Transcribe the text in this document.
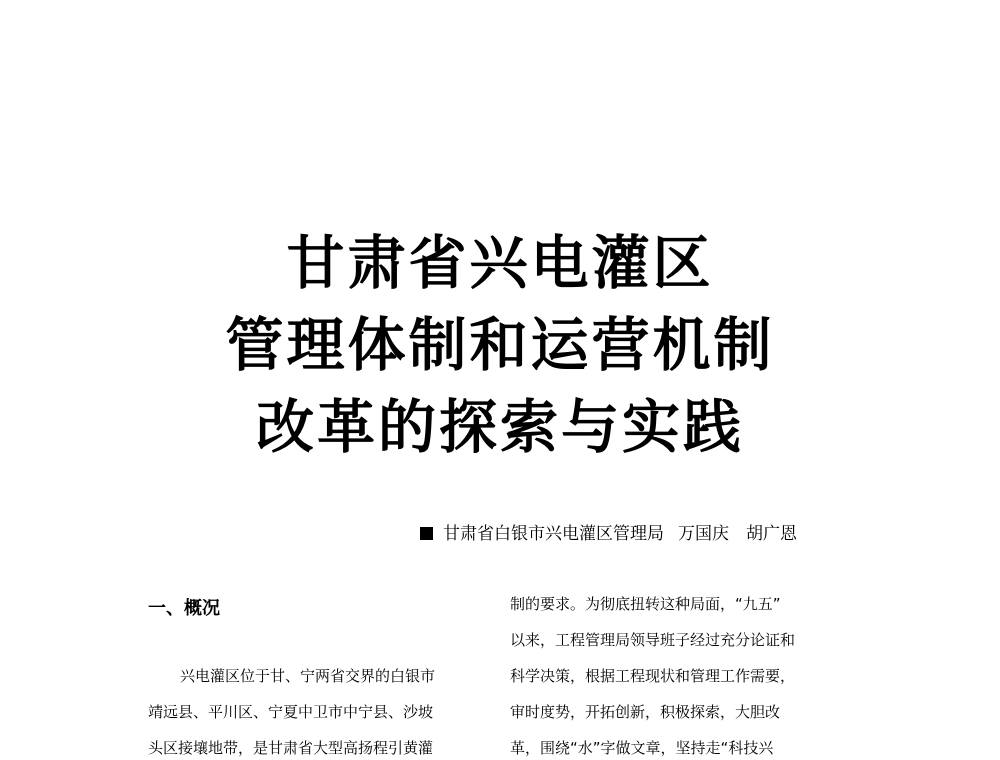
甘肃省兴电灌区
管理体制和运营机制
改革的探索与实践
甘肃省白银市兴电灌区管理局 万国庆　胡广恩
一、概况
兴电灌区位于甘、宁两省交界的白银市
靖远县、平川区、宁夏中卫市中宁县、沙坡
头区接壤地带，是甘肃省大型高扬程引黄灌
制的要求。为彻底扭转这种局面，“九五”
以来，工程管理局领导班子经过充分论证和
科学决策，根据工程现状和管理工作需要，
审时度势，开拓创新，积极探索，大胆改
革，围绕“水”字做文章，坚持走“科技兴
